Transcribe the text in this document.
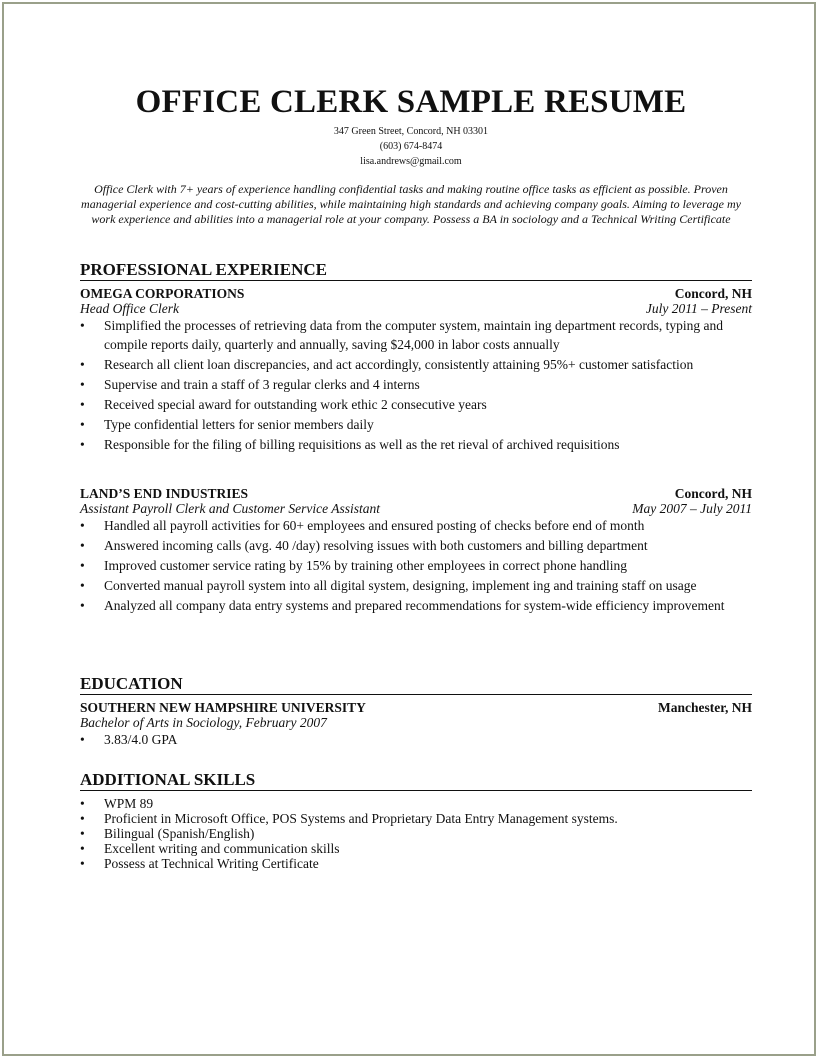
OFFICE CLERK SAMPLE RESUME
347 Green Street, Concord, NH 03301
(603) 674-8474
lisa.andrews@gmail.com
Office Clerk with 7+ years of experience handling confidential tasks and making routine office tasks as efficient as possible. Proven managerial experience and cost-cutting abilities, while maintaining high standards and achieving company goals. Aiming to leverage my work experience and abilities into a managerial role at your company. Possess a BA in sociology and a Technical Writing Certificate
PROFESSIONAL EXPERIENCE
OMEGA CORPORATIONS	Concord, NH
Head Office Clerk	July 2011 – Present
• Simplified the processes of retrieving data from the computer system, maintain ing department records, typing and compile reports daily, quarterly and annually, saving $24,000 in labor costs annually
• Research all client loan discrepancies, and act accordingly, consistently attaining 95%+ customer satisfaction
• Supervise and train a staff of 3 regular clerks and 4 interns
• Received special award for outstanding work ethic 2 consecutive years
• Type confidential letters for senior members daily
• Responsible for the filing of billing requisitions as well as the ret rieval of archived requisitions
LAND’S END INDUSTRIES	Concord, NH
Assistant Payroll Clerk and Customer Service Assistant	May 2007 – July 2011
• Handled all payroll activities for 60+ employees and ensured posting of checks before end of month
• Answered incoming calls (avg. 40 /day) resolving issues with both customers and billing department
• Improved customer service rating by 15% by training other employees in correct phone handling
• Converted manual payroll system into all digital system, designing, implement ing and training staff on usage
• Analyzed all company data entry systems and prepared recommendations for system-wide efficiency improvement
EDUCATION
SOUTHERN NEW HAMPSHIRE UNIVERSITY	Manchester, NH
Bachelor of Arts in Sociology, February 2007
• 3.83/4.0 GPA
ADDITIONAL SKILLS
• WPM 89
• Proficient in Microsoft Office, POS Systems and Proprietary Data Entry Management systems.
• Bilingual (Spanish/English)
• Excellent writing and communication skills
• Possess at Technical Writing Certificate
